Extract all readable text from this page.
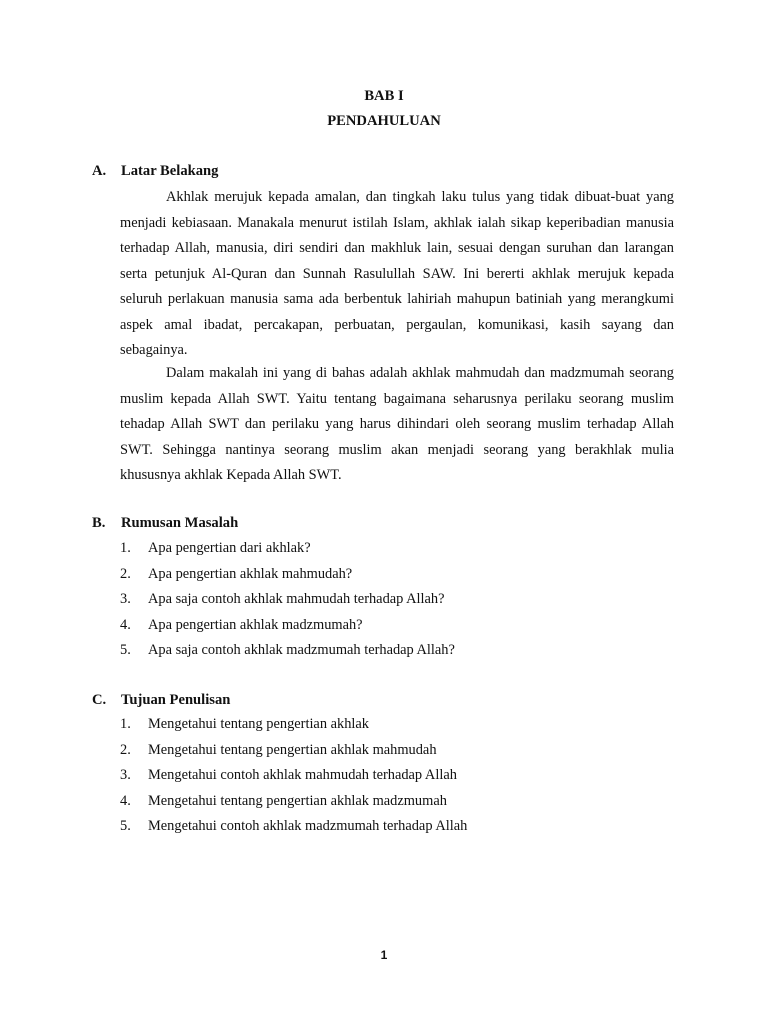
BAB I
PENDAHULUAN
A. Latar Belakang
Akhlak merujuk kepada amalan, dan tingkah laku tulus yang tidak dibuat-buat yang menjadi kebiasaan. Manakala menurut istilah Islam, akhlak ialah sikap keperibadian manusia terhadap Allah, manusia, diri sendiri dan makhluk lain, sesuai dengan suruhan dan larangan serta petunjuk Al-Quran dan Sunnah Rasulullah SAW. Ini bererti akhlak merujuk kepada seluruh perlakuan manusia sama ada berbentuk lahiriah mahupun batiniah yang merangkumi aspek amal ibadat, percakapan, perbuatan, pergaulan, komunikasi, kasih sayang dan sebagainya.
Dalam makalah ini yang di bahas adalah akhlak mahmudah dan madzmumah seorang muslim kepada Allah SWT. Yaitu tentang bagaimana seharusnya perilaku seorang muslim tehadap Allah SWT dan perilaku yang harus dihindari oleh seorang muslim terhadap Allah SWT. Sehingga nantinya seorang muslim akan menjadi seorang yang berakhlak mulia khususnya akhlak Kepada Allah SWT.
B. Rumusan Masalah
1. Apa pengertian dari akhlak?
2. Apa pengertian akhlak mahmudah?
3. Apa saja contoh akhlak mahmudah terhadap Allah?
4. Apa pengertian akhlak madzmumah?
5. Apa saja contoh akhlak madzmumah terhadap Allah?
C. Tujuan Penulisan
1. Mengetahui tentang pengertian akhlak
2. Mengetahui tentang pengertian akhlak mahmudah
3. Mengetahui contoh akhlak mahmudah terhadap Allah
4. Mengetahui tentang pengertian akhlak madzmumah
5. Mengetahui contoh akhlak madzmumah terhadap Allah
1
